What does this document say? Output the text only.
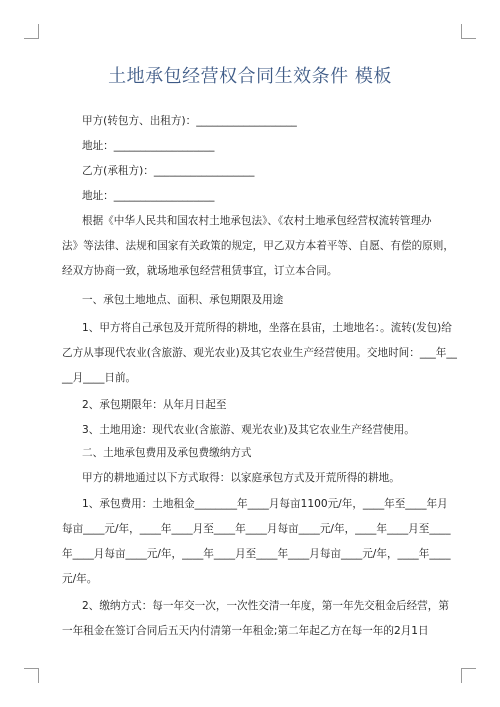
土地承包经营权合同生效条件 模板
甲方(转包方、出租方)：___________________
地址：___________________
乙方(承租方)：___________________
地址：___________________
根据《中华人民共和国农村土地承包法》、《农村土地承包经营权流转管理办
法》等法律、法规和国家有关政策的规定，甲乙双方本着平等、自愿、有偿的原则，
经双方协商一致，就场地承包经营租赁事宜，订立本合同。
一、承包土地地点、面积、承包期限及用途
1、甲方将自己承包及开荒所得的耕地，坐落在县宙，土地地名：。流转(发包)给
乙方从事现代农业(含旅游、观光农业)及其它农业生产经营使用。交地时间：___年__
__月____日前。
2、承包期限年：从年月日起至
3、土地用途：现代农业(含旅游、观光农业)及其它农业生产经营使用。
二、土地承包费用及承包费缴纳方式
甲方的耕地通过以下方式取得：以家庭承包方式及开荒所得的耕地。
1、承包费用：土地租金________年____月每亩1100元/年，____年至____年月
每亩____元/年，____年____月至____年____月每亩____元/年，____年____月至____
年____月每亩____元/年，____年____月至____年____月每亩____元/年，____年____
元/年。
2、缴纳方式：每一年交一次，一次性交清一年度，第一年先交租金后经营，第
一年租金在签订合同后五天内付清第一年租金;第二年起乙方在每一年的2月1日
